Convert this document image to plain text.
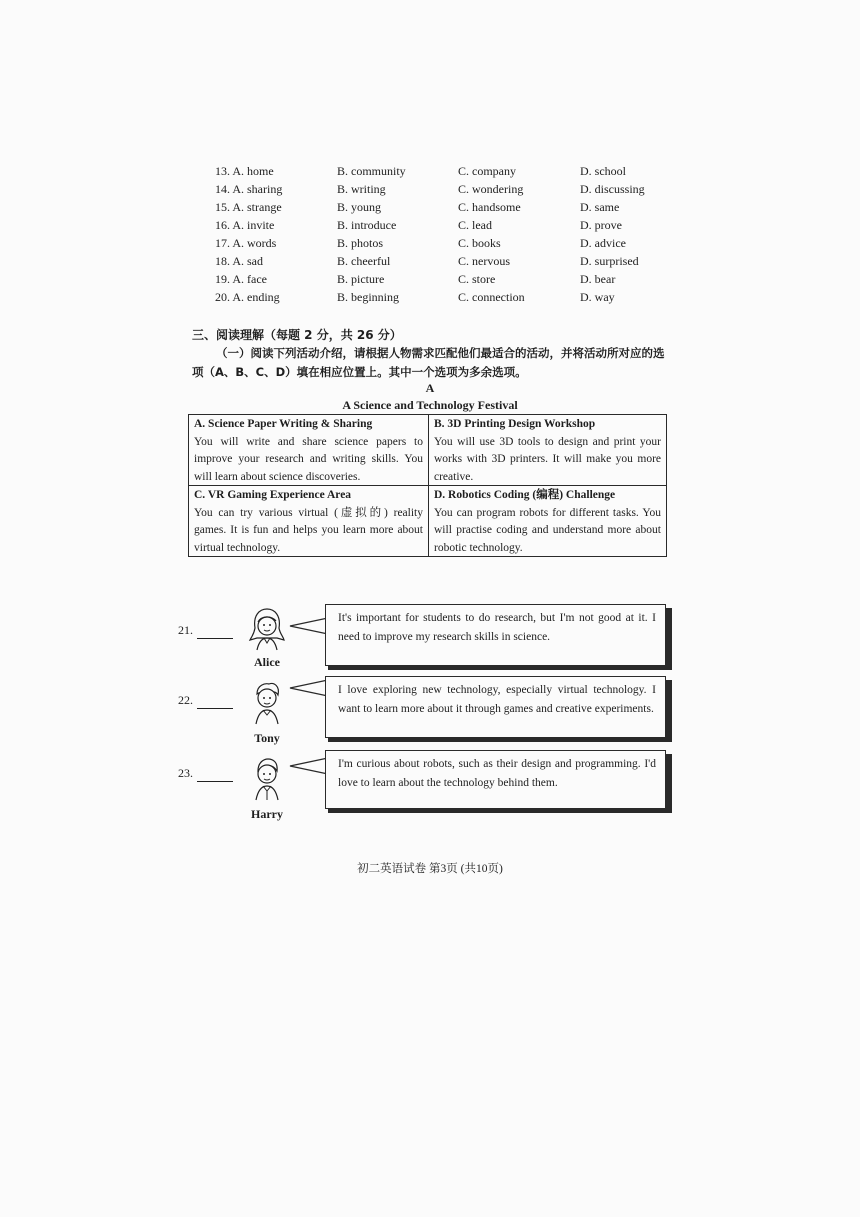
13. A. home	B. community	C. company	D. school
14. A. sharing	B. writing	C. wondering	D. discussing
15. A. strange	B. young	C. handsome	D. same
16. A. invite	B. introduce	C. lead	D. prove
17. A. words	B. photos	C. books	D. advice
18. A. sad	B. cheerful	C. nervous	D. surprised
19. A. face	B. picture	C. store	D. bear
20. A. ending	B. beginning	C. connection	D. way
三、阅读理解（每题 2 分，共 26 分）
（一）阅读下列活动介绍，请根据人物需求匹配他们最适合的活动，并将活动所对应的选项（A、B、C、D）填在相应位置上。其中一个选项为多余选项。
A
A Science and Technology Festival
A. Science Paper Writing & Sharing
You will write and share science papers to improve your research and writing skills. You will learn about science discoveries.
B. 3D Printing Design Workshop
You will use 3D tools to design and print your works with 3D printers. It will make you more creative.
C. VR Gaming Experience Area
You can try various virtual (虚拟的) reality games. It is fun and helps you learn more about virtual technology.
D. Robotics Coding (编程) Challenge
You can program robots for different tasks. You will practise coding and understand more about robotic technology.
21.
Alice
It's important for students to do research, but I'm not good at it. I need to improve my research skills in science.
22.
Tony
I love exploring new technology, especially virtual technology. I want to learn more about it through games and creative experiments.
23.
Harry
I'm curious about robots, such as their design and programming. I'd love to learn about the technology behind them.
初二英语试卷 第3页 (共10页)
